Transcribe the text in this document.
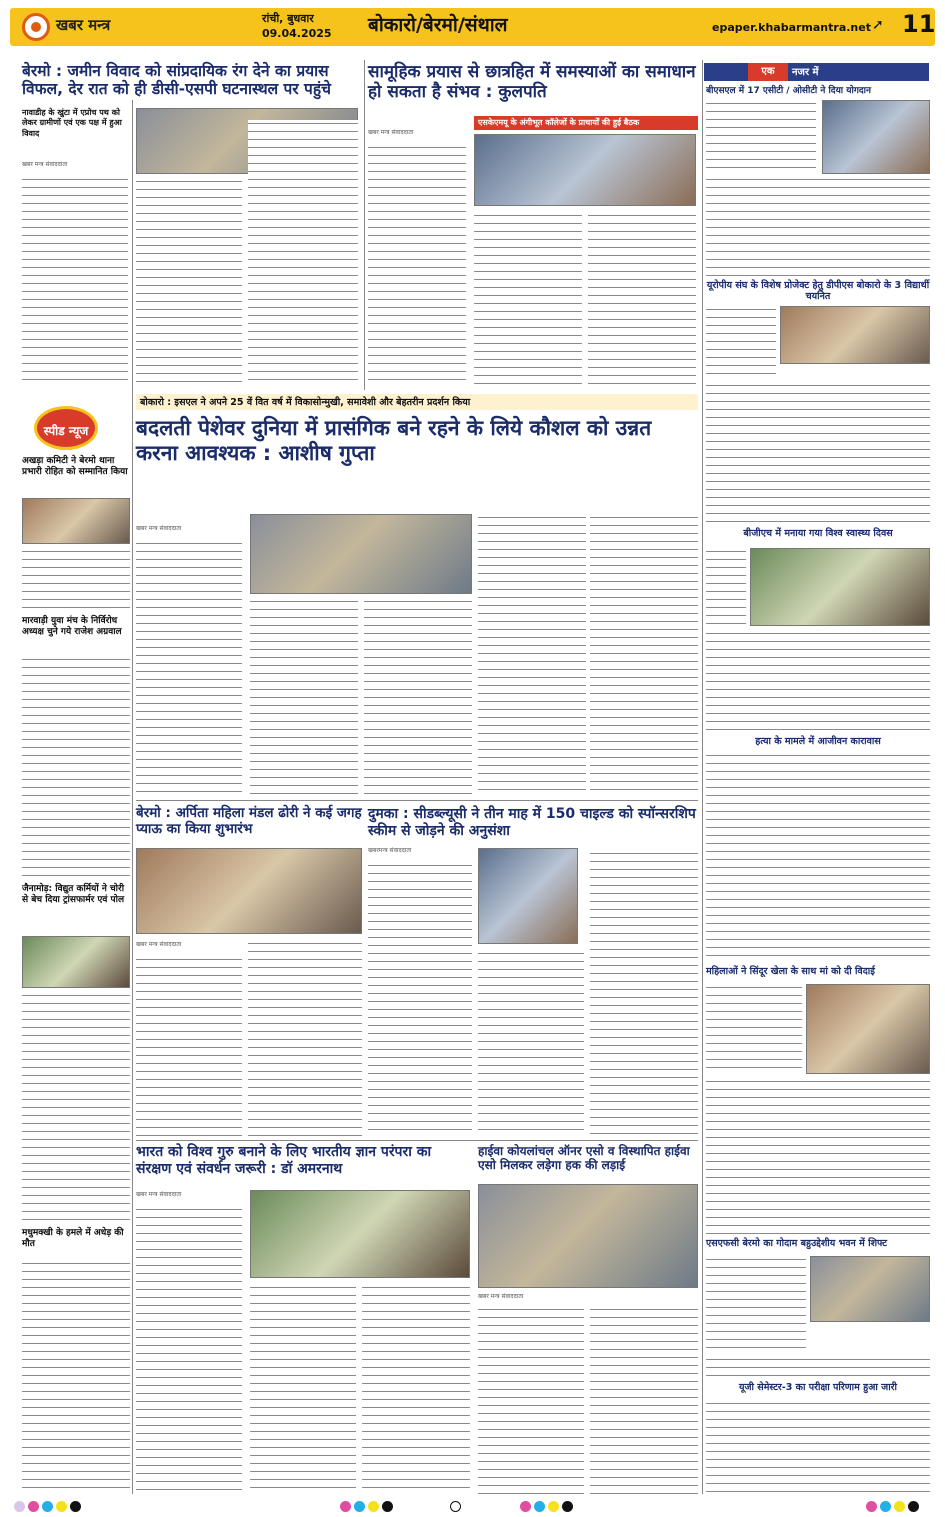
खबर मन्त्र	रांची, बुधवार
09.04.2025 बोकारो/बेरमो/संथाल	epaper.khabarmantra.net ➚ 11
बेरमो : जमीन विवाद को सांप्रदायिक रंग देने का प्रयास विफल, देर रात को ही डीसी-एसपी घटनास्थल पर पहुंचे
नावाडीह के खुंटा में एप्रोच पथ को लेकर ग्रामीणों एवं एक पक्ष में हुआ विवाद
खबर मन्त्र संवाददाता
सामूहिक प्रयास से छात्रहित में समस्याओं का समाधान हो सकता है संभव : कुलपति
एसकेएमयू के अंगीभूत कॉलेजों के प्राचार्यों की हुई बैठक
खबर मन्त्र संवाददाता
स्पीड न्यूज
अखड़ा कमिटी ने बेरमो थाना प्रभारी रोहित को सम्मानित किया
मारवाड़ी युवा मंच के निर्विरोध अध्यक्ष चुने गये राजेश अग्रवाल
जैनामोड़: विद्युत कर्मियों ने चोरी से बेच दिया ट्रांसफार्मर एवं पोल
मधुमक्खी के हमले में अधेड़ की मौत
बोकारो : इसएल ने अपने 25 वें वित वर्ष में विकासोन्मुखी, समावेशी और बेहतरीन प्रदर्शन किया
बदलती पेशेवर दुनिया में प्रासंगिक बने रहने के लिये कौशल को उन्नत करना आवश्यक : आशीष गुप्ता
खबर मन्त्र संवाददाता
बेरमो : अर्पिता महिला मंडल ढोरी ने कई जगह प्याऊ का किया शुभारंभ
खबर मन्त्र संवाददाता
दुमका : सीडब्ल्यूसी ने तीन माह में 150 चाइल्ड को स्पॉन्सरशिप स्कीम से जोड़ने की अनुसंशा
खबरमन्त्र संवाददाता
भारत को विश्व गुरु बनाने के लिए भारतीय ज्ञान परंपरा का संरक्षण एवं संवर्धन जरूरी : डॉ अमरनाथ
खबर मन्त्र संवाददाता
हाईवा कोयलांचल ऑनर एसो व विस्थापित हाईवा एसो मिलकर लड़ेगा हक की लड़ाई
खबर मन्त्र संवाददाता
एक	नजर में
बीएसएल में 17 एसीटी / ओसीटी ने दिया योगदान
यूरोपीय संघ के विशेष प्रोजेक्ट हेतु डीपीएस बोकारो के 3 विद्यार्थी चयनित
बीजीएच में मनाया गया विश्व स्वास्थ्य दिवस
हत्या के मामले में आजीवन कारावास
महिलाओं ने सिंदूर खेला के साथ मां को दी विदाई
एसएफसी बेरमो का गोदाम बहुउद्देशीय भवन में शिफ्ट
यूजी सेमेस्टर-3 का परीक्षा परिणाम हुआ जारी
